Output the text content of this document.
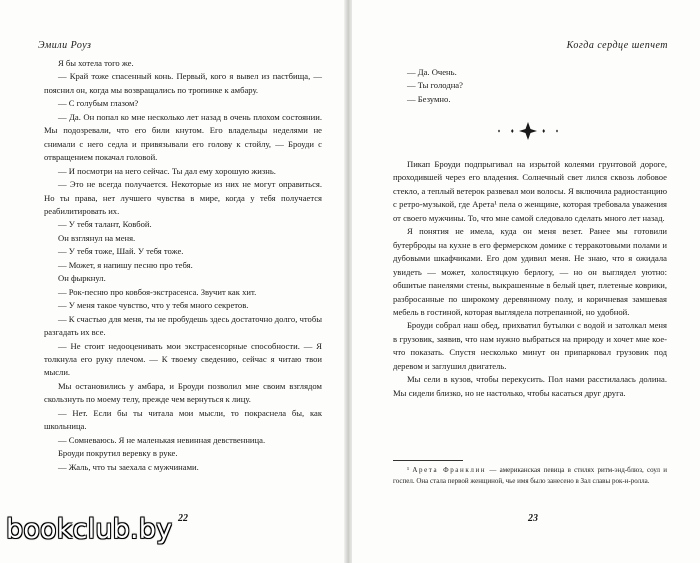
Эмили Роуз

Я бы хотела того же.

— Край тоже спасенный конь. Первый, кого я вывел из пастбища, — пояснил он, когда мы возвращались по тропинке к амбару.

— С голубым глазом?

— Да. Он попал ко мне несколько лет назад в очень плохом состоянии. Мы подозревали, что его били кнутом. Его владельцы неделями не снимали с него седла и привязывали его голову к стойлу, — Броуди с отвращением покачал головой.

— И посмотри на него сейчас. Ты дал ему хорошую жизнь.

— Это не всегда получается. Некоторые из них не могут оправиться. Но ты права, нет лучшего чувства в мире, когда у тебя получается реабилитировать их.

— У тебя талант, Ковбой.

Он взглянул на меня.

— У тебя тоже, Шай. У тебя тоже.

— Может, я напишу песню про тебя.

Он фыркнул.

— Рок-песню про ковбоя-экстрасенса. Звучит как хит.

— У меня такое чувство, что у тебя много секретов.

— К счастью для меня, ты не пробудешь здесь достаточно долго, чтобы разгадать их все.

— Не стоит недооценивать мои экстрасенсорные способности. — Я толкнула его руку плечом. — К твоему сведению, сейчас я читаю твои мысли.

Мы остановились у амбара, и Броуди позволил мне своим взглядом скользнуть по моему телу, прежде чем вернуться к лицу.

— Нет. Если бы ты читала мои мысли, то покраснела бы, как школьница.

— Сомневаюсь. Я не маленькая невинная девственница.

Броуди покрутил веревку в руке.

— Жаль, что ты заехала с мужчинами.

22
Когда сердце шепчет

— Да. Очень.

— Ты голодна?

— Безумно.

Пикап Броуди подпрыгивал на изрытой колеями грунтовой дороге, проходившей через его владения. Солнечный свет лился сквозь лобовое стекло, а теплый ветерок развевал мои волосы. Я включила радиостанцию с ретро-музыкой, где Арета¹ пела о женщине, которая требовала уважения от своего мужчины. То, что мне самой следовало сделать много лет назад.

Я понятия не имела, куда он меня везет. Ранее мы готовили бутерброды на кухне в его фермерском домике с терракотовыми полами и дубовыми шкафчиками. Его дом удивил меня. Не знаю, что я ожидала увидеть — может, холостяцкую берлогу, — но он выглядел уютно: обшитые панелями стены, выкрашенные в белый цвет, плетеные коврики, разбросанные по широкому деревянному полу, и коричневая замшевая мебель в гостиной, которая выглядела потрепанной, но удобной.

Броуди собрал наш обед, прихватил бутылки с водой и затолкал меня в грузовик, заявив, что нам нужно выбраться на природу и хочет мне кое-что показать. Спустя несколько минут он припарковал грузовик под деревом и заглушил двигатель.

Мы сели в кузов, чтобы перекусить. Пол нами расстилалась долина. Мы сидели близко, но не настолько, чтобы касаться друг друга.

¹ Арета Франклин — американская певица в стилях ритм-энд-блюз, соул и госпел. Она стала первой женщиной, чье имя было занесено в Зал славы рок-н-ролла.

23
bookclub.by
